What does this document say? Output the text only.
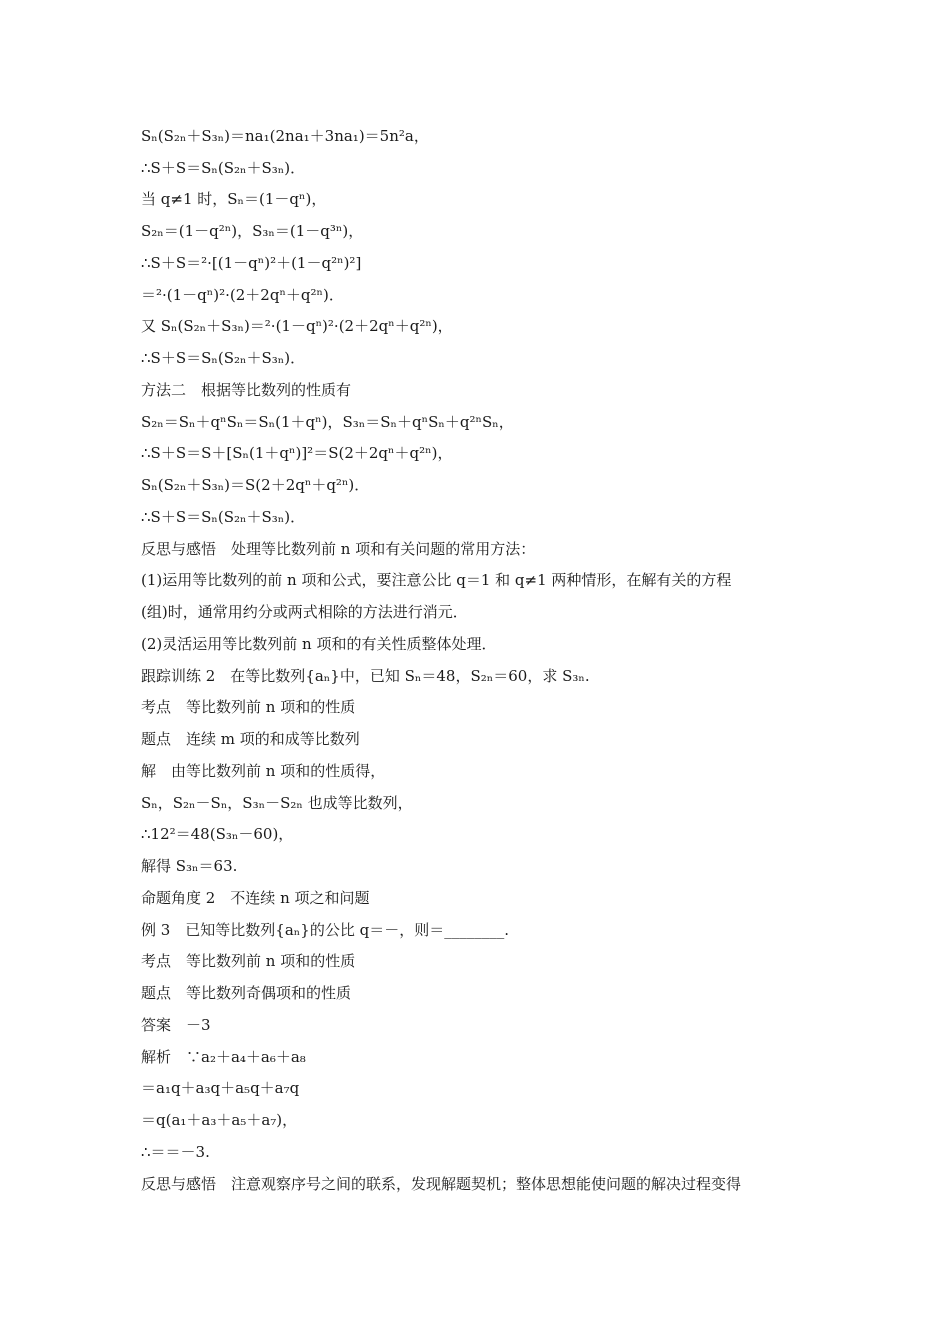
Sₙ(S₂ₙ＋S₃ₙ)＝na₁(2na₁＋3na₁)＝5n²a，
∴S＋S＝Sₙ(S₂ₙ＋S₃ₙ)．
当 q≠1 时，Sₙ＝(1－qⁿ)，
S₂ₙ＝(1－q²ⁿ)，S₃ₙ＝(1－q³ⁿ)，
∴S＋S＝²·[(1－qⁿ)²＋(1－q²ⁿ)²]
＝²·(1－qⁿ)²·(2＋2qⁿ＋q²ⁿ)．
又 Sₙ(S₂ₙ＋S₃ₙ)＝²·(1－qⁿ)²·(2＋2qⁿ＋q²ⁿ)，
∴S＋S＝Sₙ(S₂ₙ＋S₃ₙ)．
方法二　根据等比数列的性质有
S₂ₙ＝Sₙ＋qⁿSₙ＝Sₙ(1＋qⁿ)，S₃ₙ＝Sₙ＋qⁿSₙ＋q²ⁿSₙ，
∴S＋S＝S＋[Sₙ(1＋qⁿ)]²＝S(2＋2qⁿ＋q²ⁿ)，
Sₙ(S₂ₙ＋S₃ₙ)＝S(2＋2qⁿ＋q²ⁿ)．
∴S＋S＝Sₙ(S₂ₙ＋S₃ₙ)．
反思与感悟　处理等比数列前 n 项和有关问题的常用方法：
(1)运用等比数列的前 n 项和公式，要注意公比 q＝1 和 q≠1 两种情形，在解有关的方程
(组)时，通常用约分或两式相除的方法进行消元．
(2)灵活运用等比数列前 n 项和的有关性质整体处理．
跟踪训练 2　在等比数列{aₙ}中，已知 Sₙ＝48，S₂ₙ＝60，求 S₃ₙ.
考点　等比数列前 n 项和的性质
题点　连续 m 项的和成等比数列
解　由等比数列前 n 项和的性质得，
Sₙ，S₂ₙ－Sₙ，S₃ₙ－S₂ₙ 也成等比数列，
∴12²＝48(S₃ₙ－60)，
解得 S₃ₙ＝63.
命题角度 2　不连续 n 项之和问题
例 3　已知等比数列{aₙ}的公比 q＝－，则＝________.
考点　等比数列前 n 项和的性质
题点　等比数列奇偶项和的性质
答案　－3
解析　∵a₂＋a₄＋a₆＋a₈
＝a₁q＋a₃q＋a₅q＋a₇q
＝q(a₁＋a₃＋a₅＋a₇)，
∴＝＝－3.
反思与感悟　注意观察序号之间的联系，发现解题契机；整体思想能使问题的解决过程变得
